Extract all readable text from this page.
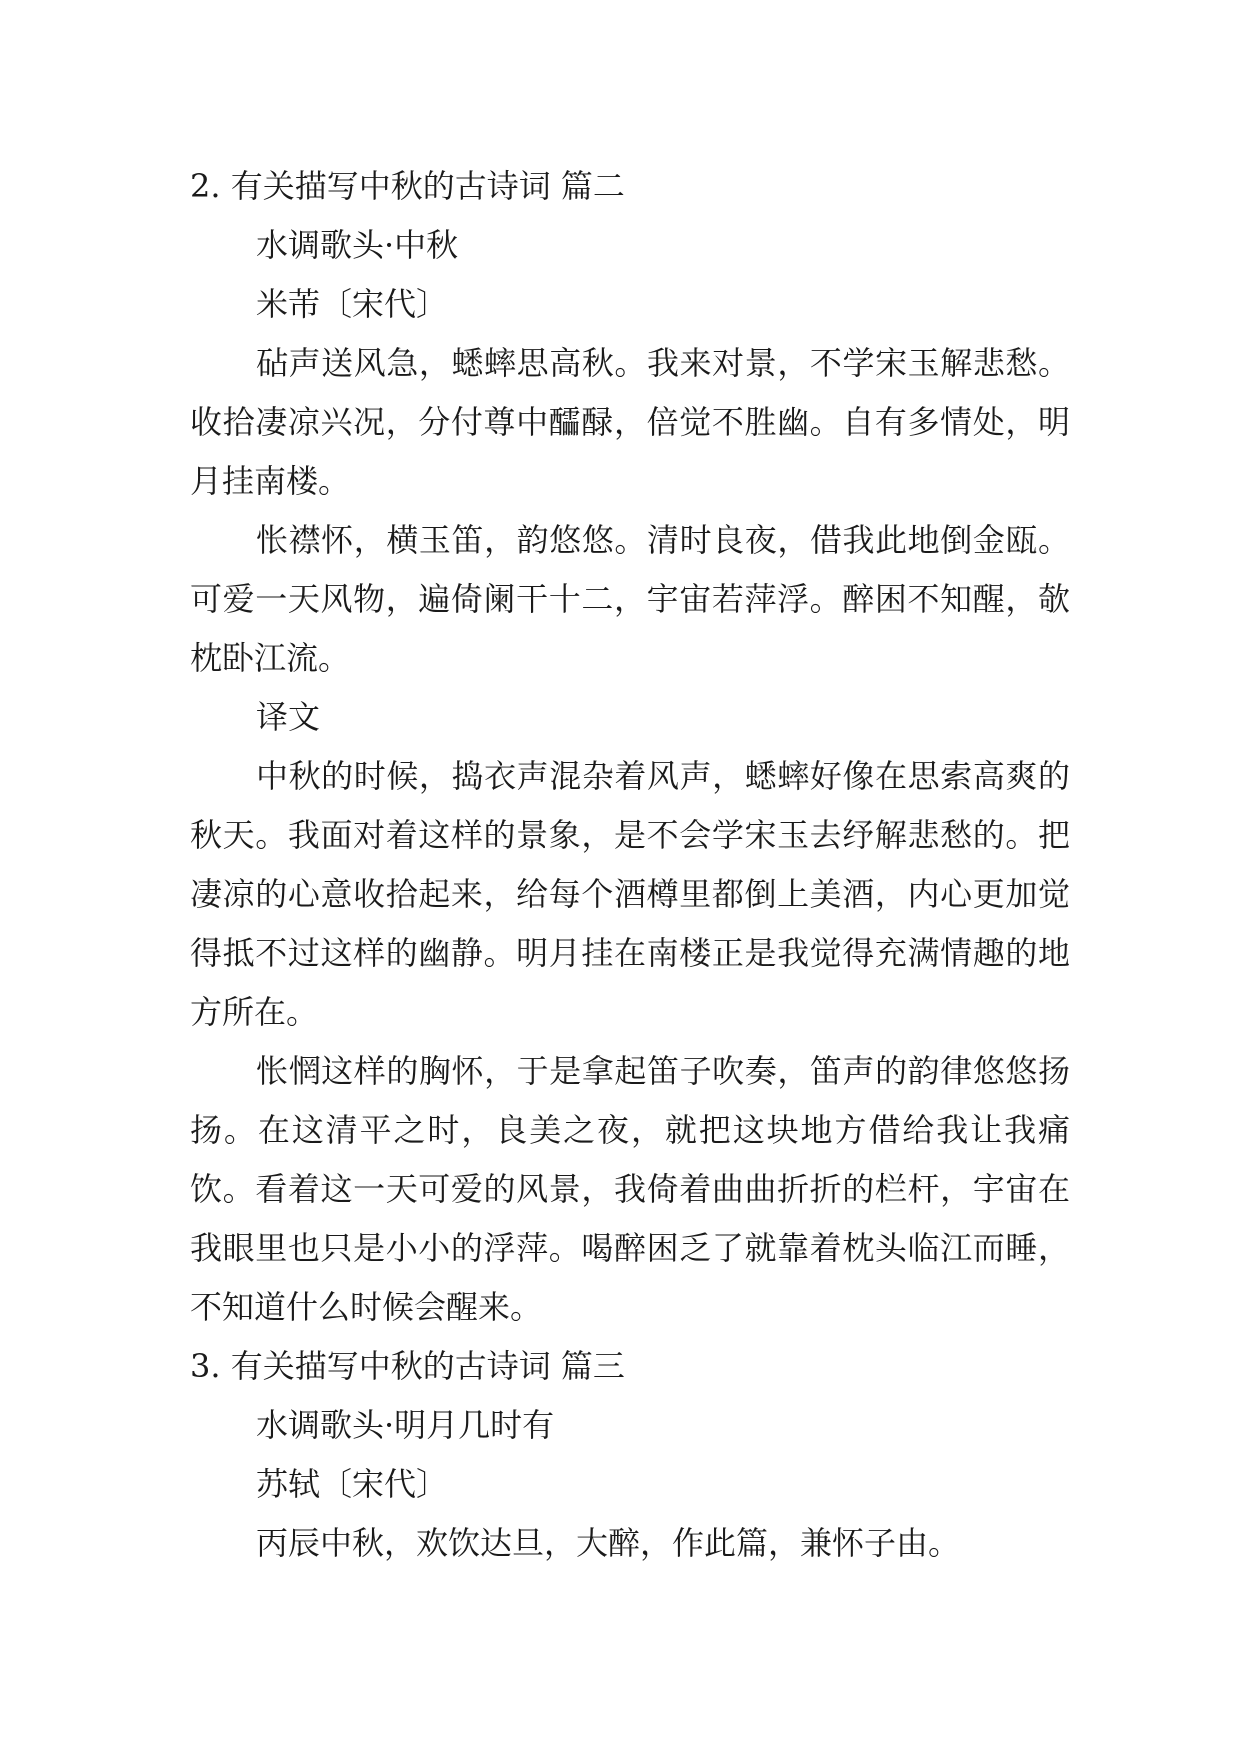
2. 有关描写中秋的古诗词 篇二

水调歌头·中秋

米芾〔宋代〕

砧声送风急，蟋蟀思高秋。我来对景，不学宋玉解悲愁。收拾凄凉兴况，分付尊中醽醁，倍觉不胜幽。自有多情处，明月挂南楼。

怅襟怀，横玉笛，韵悠悠。清时良夜，借我此地倒金瓯。可爱一天风物，遍倚阑干十二，宇宙若萍浮。醉困不知醒，欹枕卧江流。

译文

中秋的时候，捣衣声混杂着风声，蟋蟀好像在思索高爽的秋天。我面对着这样的景象，是不会学宋玉去纾解悲愁的。把凄凉的心意收拾起来，给每个酒樽里都倒上美酒，内心更加觉得抵不过这样的幽静。明月挂在南楼正是我觉得充满情趣的地方所在。

怅惘这样的胸怀，于是拿起笛子吹奏，笛声的韵律悠悠扬扬。在这清平之时，良美之夜，就把这块地方借给我让我痛饮。看着这一天可爱的风景，我倚着曲曲折折的栏杆，宇宙在我眼里也只是小小的浮萍。喝醉困乏了就靠着枕头临江而睡，不知道什么时候会醒来。

3. 有关描写中秋的古诗词 篇三

水调歌头·明月几时有

苏轼〔宋代〕

丙辰中秋，欢饮达旦，大醉，作此篇，兼怀子由。
